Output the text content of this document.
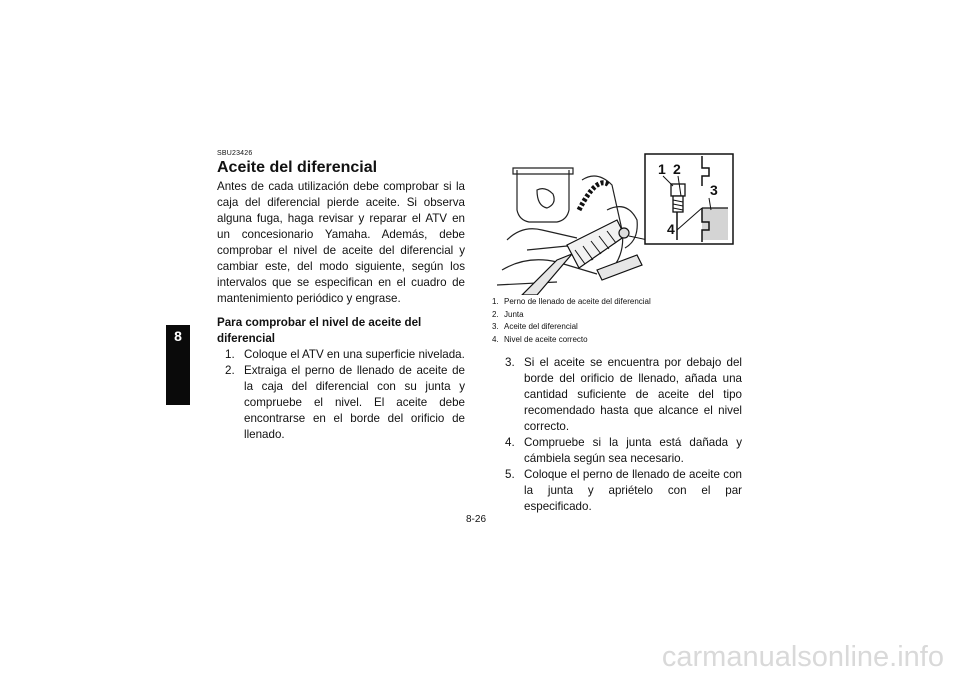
8

SBU23426

Aceite del diferencial

Antes de cada utilización debe comprobar si la caja del diferencial pierde aceite. Si observa alguna fuga, haga revisar y reparar el ATV en un concesionario Yamaha. Además, debe comprobar el nivel de aceite del diferencial y cambiar este, del modo siguiente, según los intervalos que se especifican en el cuadro de mantenimiento periódico y engrase.

Para comprobar el nivel de aceite del diferencial

1. Coloque el ATV en una superficie nivelada.
2. Extraiga el perno de llenado de aceite de la caja del diferencial con su junta y compruebe el nivel. El aceite debe encontrarse en el borde del orificio de llenado.
1 2
3
4
1. Perno de llenado de aceite del diferencial
2. Junta
3. Aceite del diferencial
4. Nivel de aceite correcto
3. Si el aceite se encuentra por debajo del borde del orificio de llenado, añada una cantidad suficiente de aceite del tipo recomendado hasta que alcance el nivel correcto.
4. Compruebe si la junta está dañada y cámbiela según sea necesario.
5. Coloque el perno de llenado de aceite con la junta y apriételo con el par especificado.
8-26
carmanualsonline.info
